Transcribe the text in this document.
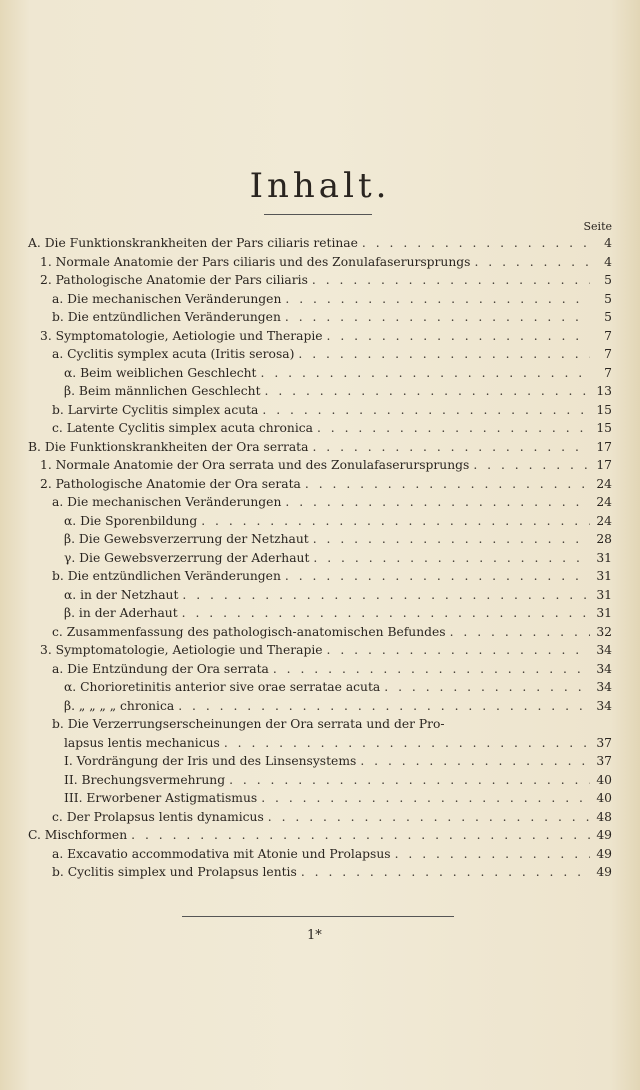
Inhalt.
Seite
A. Die Funktionskrankheiten der Pars ciliaris retinae . . .	4
1. Normale Anatomie der Pars ciliaris und des Zonulafaserursprungs . . .	4
2. Pathologische Anatomie der Pars ciliaris . . .	5
a. Die mechanischen Veränderungen . . .	5
b. Die entzündlichen Veränderungen . . .	5
3. Symptomatologie, Aetiologie und Therapie . . .	7
a. Cyclitis symplex acuta (Iritis serosa) . . .	7
α. Beim weiblichen Geschlecht . . .	7
β. Beim männlichen Geschlecht . . .	13
b. Larvirte Cyclitis simplex acuta . . .	15
c. Latente Cyclitis simplex acuta chronica . . .	15
B. Die Funktionskrankheiten der Ora serrata . . .	17
1. Normale Anatomie der Ora serrata und des Zonulafaserursprungs . . .	17
2. Pathologische Anatomie der Ora serata . . .	24
a. Die mechanischen Veränderungen . . .	24
α. Die Sporenbildung . . .	24
β. Die Gewebsverzerrung der Netzhaut . . .	28
γ. Die Gewebsverzerrung der Aderhaut . . .	31
b. Die entzündlichen Veränderungen . . .	31
α. in der Netzhaut . . .	31
β. in der Aderhaut . . .	31
c. Zusammenfassung des pathologisch-anatomischen Befundes . . .	32
3. Symptomatologie, Aetiologie und Therapie . . .	34
a. Die Entzündung der Ora serrata . . .	34
α. Chorioretinitis anterior sive orae serratae acuta . . .	34
β. „ „ „ „ chronica . . .	34
b. Die Verzerrungserscheinungen der Ora serrata und der Pro-
lapsus lentis mechanicus . . .	37
I. Vordrängung der Iris und des Linsensystems . . .	37
II. Brechungsvermehrung . . .	40
III. Erworbener Astigmatismus . . .	40
c. Der Prolapsus lentis dynamicus . . .	48
C. Mischformen . . .	49
a. Excavatio accommodativa mit Atonie und Prolapsus . . .	49
b. Cyclitis simplex und Prolapsus lentis . . .	49
1*
